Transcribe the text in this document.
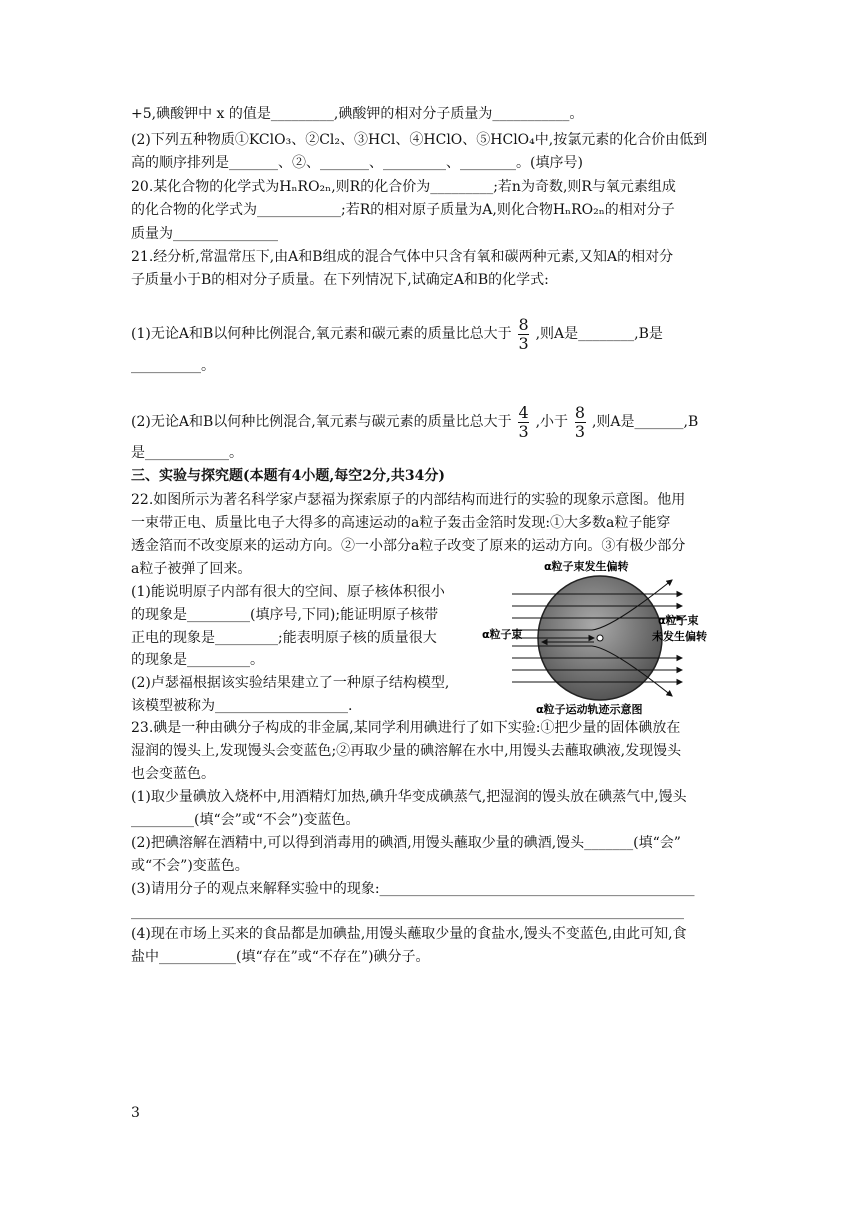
+5,碘酸钾中 x 的值是_________,碘酸钾的相对分子质量为___________。
(2)下列五种物质①KClO₃、②Cl₂、③HCl、④HClO、⑤HClO₄中,按氯元素的化合价由低到
高的顺序排列是_______、②、_______、_________、________。(填序号)
20.某化合物的化学式为HₙRO₂ₙ,则R的化合价为_________;若n为奇数,则R与氧元素组成
的化合物的化学式为____________;若R的相对原子质量为A,则化合物HₙRO₂ₙ的相对分子
质量为_______________
21.经分析,常温常压下,由A和B组成的混合气体中只含有氧和碳两种元素,又知A的相对分
子质量小于B的相对分子质量。在下列情况下,试确定A和B的化学式:
(1)无论A和B以何种比例混合,氧元素和碳元素的质量比总大于 $\frac{8}{3}$ ,则A是________,B是
__________。
(2)无论A和B以何种比例混合,氧元素与碳元素的质量比总大于 $\frac{4}{3}$ ,小于 $\frac{8}{3}$ ,则A是_______,B
是____________。
三、实验与探究题(本题有4小题,每空2分,共34分)
22.如图所示为著名科学家卢瑟福为探索原子的内部结构而进行的实验的现象示意图。他用
一束带正电、质量比电子大得多的高速运动的a粒子轰击金箔时发现:①大多数a粒子能穿
透金箔而不改变原来的运动方向。②一小部分a粒子改变了原来的运动方向。③有极少部分
a粒子被弹了回来。
(1)能说明原子内部有很大的空间、原子核体积很小
的现象是_________(填序号,下同);能证明原子核带
正电的现象是_________;能表明原子核的质量很大
的现象是_________。
(2)卢瑟福根据该实验结果建立了一种原子结构模型,
该模型被称为___________________.
23.碘是一种由碘分子构成的非金属,某同学利用碘进行了如下实验:①把少量的固体碘放在
湿润的馒头上,发现馒头会变蓝色;②再取少量的碘溶解在水中,用馒头去蘸取碘液,发现馒头
也会变蓝色。
(1)取少量碘放入烧杯中,用酒精灯加热,碘升华变成碘蒸气,把湿润的馒头放在碘蒸气中,馒头
_________(填“会”或“不会”)变蓝色。
(2)把碘溶解在酒精中,可以得到消毒用的碘酒,用馒头蘸取少量的碘酒,馒头_______(填“会”
或“不会”)变蓝色。
(3)请用分子的观点来解释实验中的现象:_____________________________________________
_______________________________________________________________________________
(4)现在市场上买来的食品都是加碘盐,用馒头蘸取少量的食盐水,馒头不变蓝色,由此可知,食
盐中___________(填“存在”或“不存在”)碘分子。
α粒子束发生偏转
α粒子束
未发生偏转
α粒子束
α粒子运动轨迹示意图
3
